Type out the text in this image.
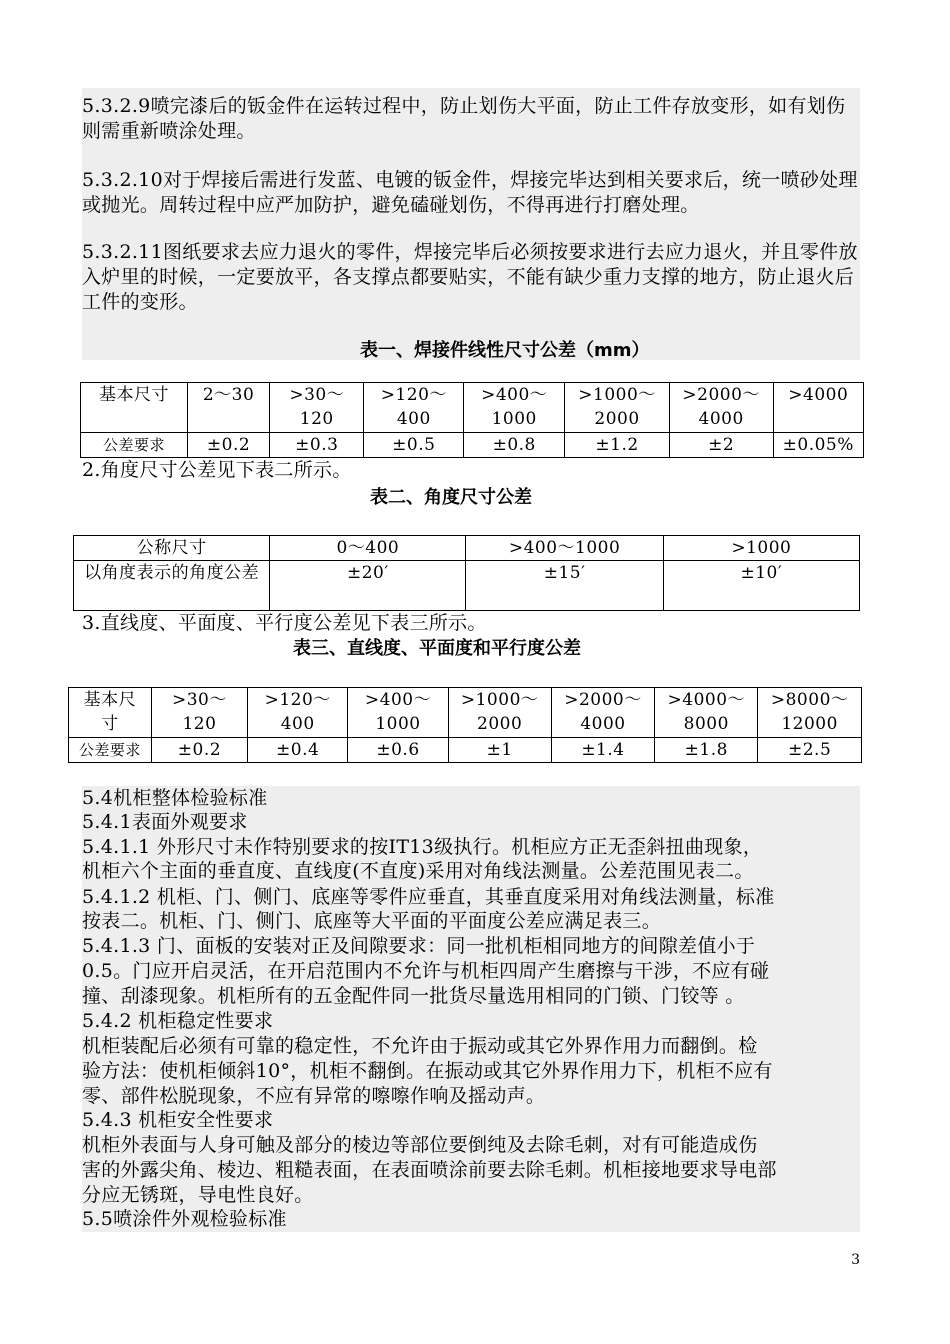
5.3.2.9喷完漆后的钣金件在运转过程中，防止划伤大平面，防止工件存放变形，如有划伤则需重新喷涂处理。

5.3.2.10对于焊接后需进行发蓝、电镀的钣金件，焊接完毕达到相关要求后，统一喷砂处理或抛光。周转过程中应严加防护，避免磕碰划伤，不得再进行打磨处理。

5.3.2.11图纸要求去应力退火的零件，焊接完毕后必须按要求进行去应力退火，并且零件放入炉里的时候，一定要放平，各支撑点都要贴实，不能有缺少重力支撑的地方，防止退火后工件的变形。

表一、焊接件线性尺寸公差（mm）

基本尺寸	2～30	>30～120	>120～400	>400～1000	>1000～2000	>2000～4000	>4000
公差要求	±0.2	±0.3	±0.5	±0.8	±1.2	±2	±0.05%

2.角度尺寸公差见下表二所示。

表二、角度尺寸公差

公称尺寸	0～400	>400～1000	>1000
以角度表示的角度公差	±20′	±15′	±10′

3.直线度、平面度、平行度公差见下表三所示。

表三、直线度、平面度和平行度公差

基本尺寸	>30～120	>120～400	>400～1000	>1000～2000	>2000～4000	>4000～8000	>8000～12000
公差要求	±0.2	±0.4	±0.6	±1	±1.4	±1.8	±2.5

5.4机柜整体检验标准

5.4.1表面外观要求

5.4.1.1 外形尺寸未作特别要求的按IT13级执行。机柜应方正无歪斜扭曲现象，

机柜六个主面的垂直度、直线度(不直度)采用对角线法测量。公差范围见表二。

5.4.1.2 机柜、门、侧门、底座等零件应垂直，其垂直度采用对角线法测量，标准

按表二。机柜、门、侧门、底座等大平面的平面度公差应满足表三。

5.4.1.3 门、面板的安装对正及间隙要求：同一批机柜相同地方的间隙差值小于

0.5。门应开启灵活，在开启范围内不允许与机柜四周产生磨擦与干涉，不应有碰

撞、刮漆现象。机柜所有的五金配件同一批货尽量选用相同的门锁、门铰等 。

5.4.2 机柜稳定性要求

机柜装配后必须有可靠的稳定性，不允许由于振动或其它外界作用力而翻倒。检

验方法：使机柜倾斜10°，机柜不翻倒。在振动或其它外界作用力下，机柜不应有

零、部件松脱现象，不应有异常的嚓嚓作响及摇动声。

5.4.3 机柜安全性要求

机柜外表面与人身可触及部分的棱边等部位要倒纯及去除毛刺，对有可能造成伤

害的外露尖角、棱边、粗糙表面，在表面喷涂前要去除毛刺。机柜接地要求导电部

分应无锈斑，导电性良好。

5.5喷涂件外观检验标准

3
